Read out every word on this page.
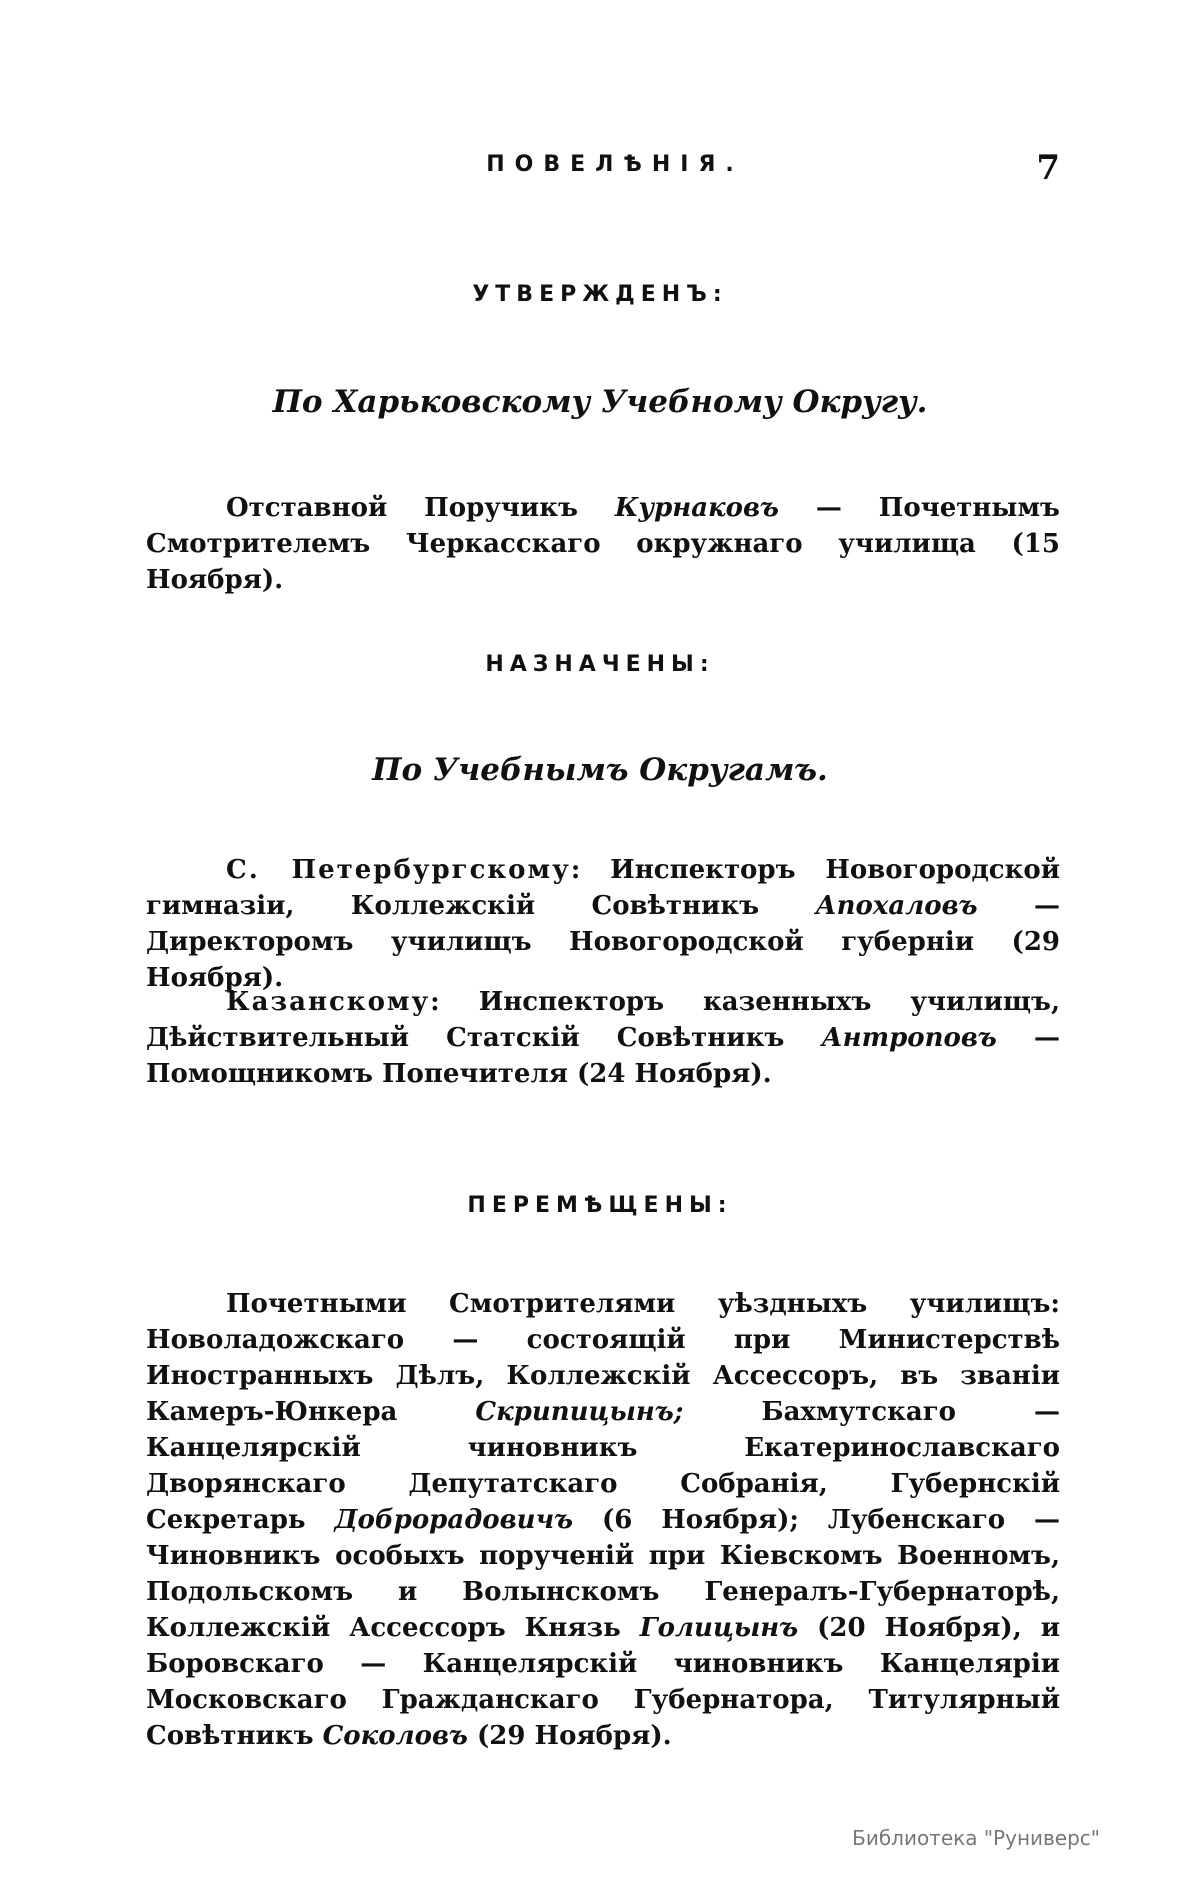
ПОВЕЛѢНІЯ.	7
УТВЕРЖДЕНЪ:
По Харьковскому Учебному Округу.
Отставной Поручикъ Курнаковъ — Почетнымъ Смотрителемъ Черкасскаго окружнаго училища (15 Ноября).
НАЗНАЧЕНЫ:
По Учебнымъ Округамъ.
С. Петербургскому: Инспекторъ Новогородской гимназіи, Коллежскій Совѣтникъ Апохаловъ — Директоромъ училищъ Новогородской губерніи (29 Ноября).
Казанскому: Инспекторъ казенныхъ училищъ, Дѣйствительный Статскій Совѣтникъ Антроповъ — Помощникомъ Попечителя (24 Ноября).
ПЕРЕМѢЩЕНЫ:
Почетными Смотрителями уѣздныхъ училищъ: Новоладожскаго — состоящій при Министерствѣ Иностранныхъ Дѣлъ, Коллежскій Ассессоръ, въ званіи Камеръ-Юнкера Скрипицынъ; Бахмутскаго — Канцелярскій чиновникъ Екатеринославскаго Дворянскаго Депутатскаго Собранія, Губернскій Секретарь Доброрадовичъ (6 Ноября); Лубенскаго — Чиновникъ особыхъ порученій при Кіевскомъ Военномъ, Подольскомъ и Волынскомъ Генералъ-Губернаторѣ, Коллежскій Ассессоръ Князь Голицынъ (20 Ноября), и Боровскаго — Канцелярскій чиновникъ Канцеляріи Московскаго Гражданскаго Губернатора, Титулярный Совѣтникъ Соколовъ (29 Ноября).
Библиотека "Руниверс"
